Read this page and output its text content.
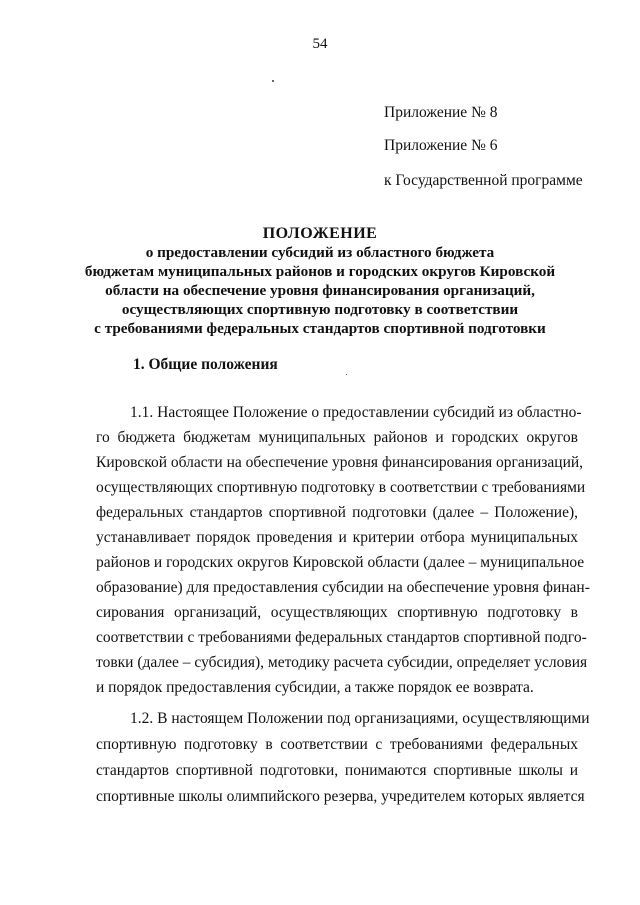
54
Приложение № 8
Приложение № 6
к Государственной программе
ПОЛОЖЕНИЕ
о предоставлении субсидий из областного бюджета
бюджетам муниципальных районов и городских округов Кировской
области на обеспечение уровня финансирования организаций,
осуществляющих спортивную подготовку в соответствии
с требованиями федеральных стандартов спортивной подготовки
1. Общие положения
1.1. Настоящее Положение о предоставлении субсидий из областно-
го бюджета бюджетам муниципальных районов и городских округов
Кировской области на обеспечение уровня финансирования организаций,
осуществляющих спортивную подготовку в соответствии с требованиями
федеральных стандартов спортивной подготовки (далее – Положение),
устанавливает порядок проведения и критерии отбора муниципальных
районов и городских округов Кировской области (далее – муниципальное
образование) для предоставления субсидии на обеспечение уровня финан-
сирования организаций, осуществляющих спортивную подготовку в
соответствии с требованиями федеральных стандартов спортивной подго-
товки (далее – субсидия), методику расчета субсидии, определяет условия
и порядок предоставления субсидии, а также порядок ее возврата.
1.2. В настоящем Положении под организациями, осуществляющими
спортивную подготовку в соответствии с требованиями федеральных
стандартов спортивной подготовки, понимаются спортивные школы и
спортивные школы олимпийского резерва, учредителем которых является
